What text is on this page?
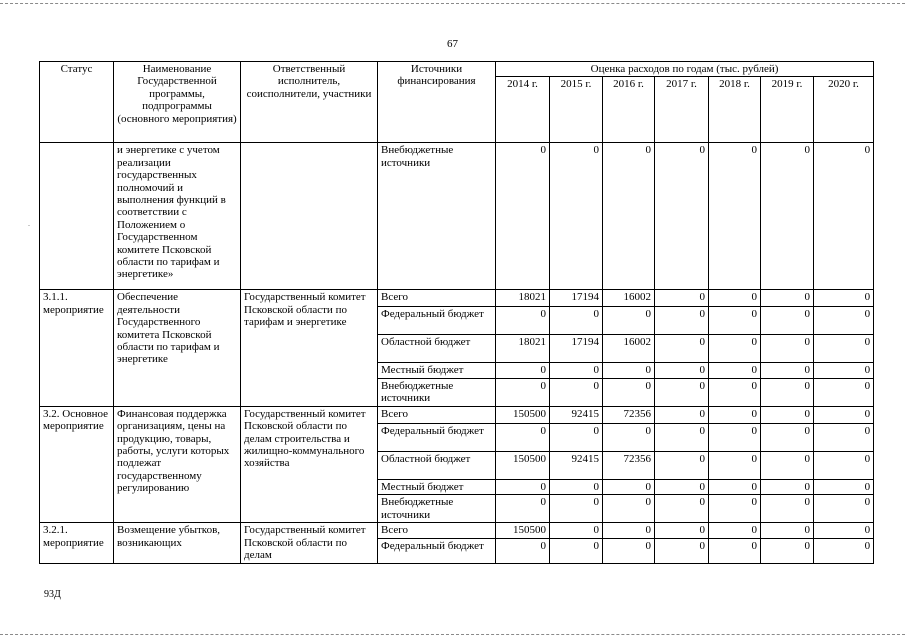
.
67
Статус	Наименование Государственной программы, подпрограммы (основного мероприятия)	Ответственный исполнитель, соисполнители, участники	Источники финансирования	Оценка расходов по годам (тыс. рублей)						
				2014 г.	2015 г.	2016 г.	2017 г.	2018 г.	2019 г.	2020 г.
	и энергетике с учетом реализации государственных полномочий и выполнения функций в соответствии с Положением о Государственном комитете Псковской области по тарифам и энергетике»		Внебюджетные источники	0	0	0	0	0	0	0
3.1.1. мероприятие	Обеспечение деятельности Государственного комитета Псковской области по тарифам и энергетике	Государственный комитет Псковской области по тарифам и энергетике	Всего	18021	17194	16002	0	0	0	0
			Федеральный бюджет	0	0	0	0	0	0	0
			Областной бюджет	18021	17194	16002	0	0	0	0
			Местный бюджет	0	0	0	0	0	0	0
			Внебюджетные источники	0	0	0	0	0	0	0
3.2. Основное мероприятие	Финансовая поддержка организациям, цены на продукцию, товары, работы, услуги которых подлежат государственному регулированию	Государственный комитет Псковской области по делам строительства и жилищно-коммунального хозяйства	Всего	150500	92415	72356	0	0	0	0
			Федеральный бюджет	0	0	0	0	0	0	0
			Областной бюджет	150500	92415	72356	0	0	0	0
			Местный бюджет	0	0	0	0	0	0	0
			Внебюджетные источники	0	0	0	0	0	0	0
3.2.1. мероприятие	Возмещение убытков, возникающих	Государственный комитет Псковской области по делам	Всего	150500	0	0	0	0	0	0
			Федеральный бюджет	0	0	0	0	0	0	0
93Д
